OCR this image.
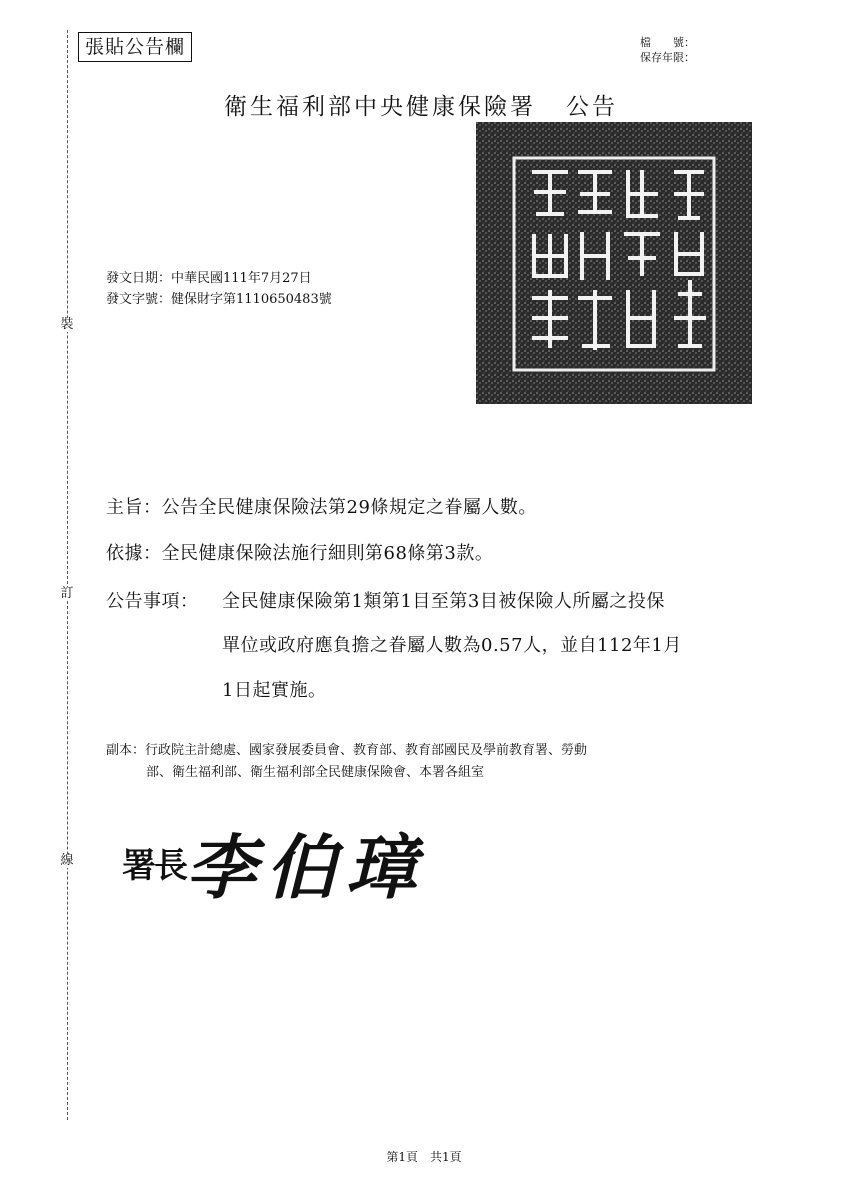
裝
訂
線
張貼公告欄	檔　　號：
保存年限：
衛生福利部中央健康保險署 公告
發文日期：中華民國111年7月27日
發文字號：健保財字第1110650483號
主旨：公告全民健康保險法第29條規定之眷屬人數。
依據：全民健康保險法施行細則第68條第3款。
公告事項： 全民健康保險第1類第1目至第3目被保險人所屬之投保
單位或政府應負擔之眷屬人數為0.57人，並自112年1月
1日起實施。
副本：行政院主計總處、國家發展委員會、教育部、教育部國民及學前教育署、勞動
部、衛生福利部、衛生福利部全民健康保險會、本署各組室
署長李伯璋
第1頁　共1頁
